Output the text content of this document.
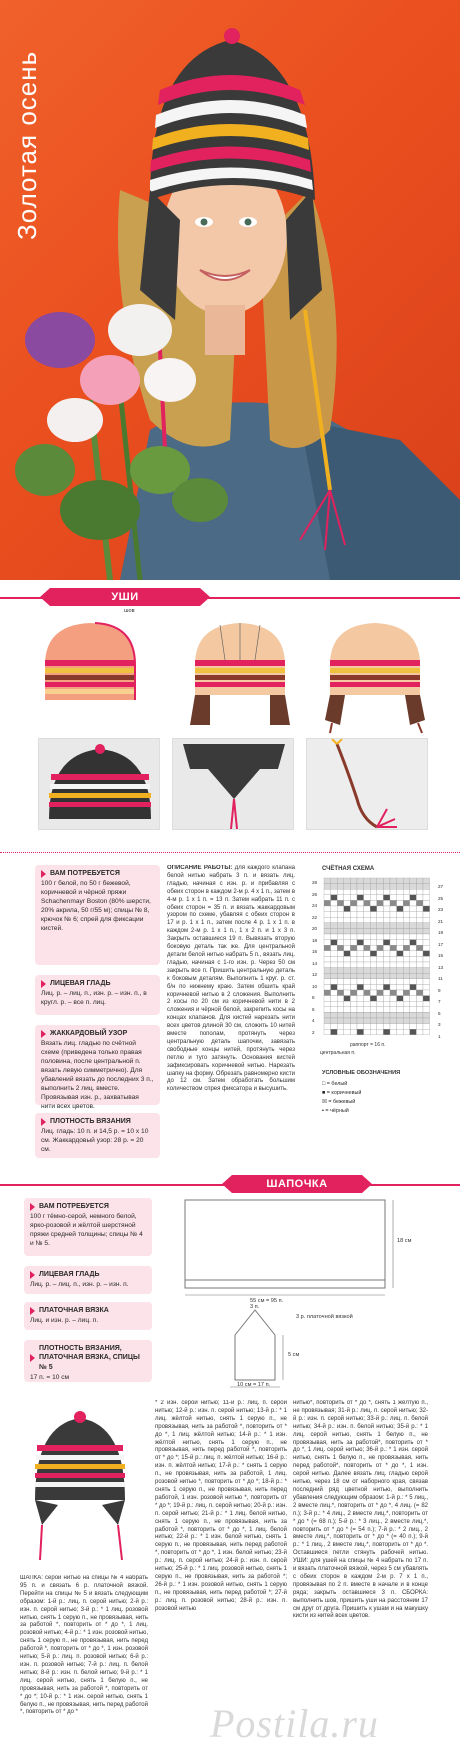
Золотая осень
УШИ
шов
ВАМ ПОТРЕБУЕТСЯ
100 г белой, по 50 г бежевой, коричневой и чёрной пряжи Schachenmayr Boston (80% шерсти, 20% акрила, 50 г/55 м); спицы № 8, крючок № 6; спрей для фиксации кистей.
ЛИЦЕВАЯ ГЛАДЬ
Лиц. р. – лиц. п., изн. р. – изн. п., в кругл. р. – все п. лиц.
ЖАККАРДОВЫЙ УЗОР
Вязать лиц. гладью по счётной схеме (приведена только правая половина, после центральной п. вязать левую симметрично). Для убавлений вязать до последних 3 п., выполнить 2 лиц. вместе. Провязывая изн. р., захватывая нити всех цветов.
ПЛОТНОСТЬ ВЯЗАНИЯ
Лиц. гладь: 10 п. и 14,5 р. = 10 х 10 см. Жаккардовый узор: 28 р. = 20 см.
ОПИСАНИЕ РАБОТЫ: для каждого клапана белой нитью набрать 3 п. и вязать лиц. гладью, начиная с изн. р. и прибавляя с обеих сторон в каждом 2-м р. 4 х 1 п., затем в 4-м р. 1 х 1 п. = 13 п. Затем набрать 11 п. с обеих сторон = 35 п. и вязать жаккардовым узором по схеме, убавляя с обеих сторон в 17 и р. 1 х 1 п., затем после 4 р. 1 х 1 п. в каждом 2-м р. 1 х 1 п., 1 х 2 п. и 1 х 3 п. Закрыть оставшиеся 19 п. Вывязать вторую боковую деталь так же. Для центральной детали белой нитью набрать 5 п., вязать лиц. гладью, начиная с 1-го изн. р. Через 50 см закрыть все п. Пришить центральную деталь к боковым деталям. Выполнить 1 круг. р. ст. б/н по нижнему краю. Затем обшить край коричневой нитью в 2 сложения. Выполнить 2 косы по 20 см из коричневой нити в 2 сложения и чёрной белой, закрепить косы на концах клапанов. Для кистей нарезать нити всех цветов длиной 30 см, сложить 10 нитей вместе пополам, протянуть через центральную деталь шапочки, завязать свободные концы нитей, протянуть через петлю и туго затянуть. Основания кистей зафиксировать коричневой нитью. Нарезать шапку на форму. Обрезать равномерно кисти до 12 см. Затем обработать большим количеством спрея фиксатора и высушить.
СЧЁТНАЯ СХЕМА
раппорт = 16 п.
центральная п.
28
26
24
22
20
18
16
14
12
10
8
6
4
2
27
25
23
21
19
17
15
13
11
9
7
5
3
1
УСЛОВНЫЕ ОБОЗНАЧЕНИЯ
□ = белый
■ = коричневый
☒ = бежевый
▪ = чёрный
ШАПОЧКА
ВАМ ПОТРЕБУЕТСЯ
100 г тёмно-серой, немного белой, ярко-розовой и жёлтой шерстяной пряжи средней толщины; спицы № 4 и № 5.
ЛИЦЕВАЯ ГЛАДЬ
Лиц. р. – лиц. п., изн. р. – изн. п.
ПЛАТОЧНАЯ ВЯЗКА
Лиц. и изн. р. – лиц. п.
ПЛОТНОСТЬ ВЯЗАНИЯ, ПЛАТОЧНАЯ ВЯЗКА, СПИЦЫ № 5
17 п. = 10 см
18 см
55 см = 95 п.
3 р. платочной вязкой
3 п.
5 см
10 см = 17 п.
ШАПКА: серой нитью на спицы № 4 набрать 95 п. и связать 6 р. платочной вязкой. Перейти на спицы № 5 и вязать следующим образом: 1-й р.: лиц. п. серой нитью; 2-й р.: изн. п. серой нитью; 3-й р.: * 1 лиц. розовой нитью, снять 1 серую п., не провязывая, нить за работой *, повторить от * до *, 1 лиц. розовой нитью; 4-й р.: * 1 изн. розовой нитью, снять 1 серую п., не провязывая, нить перед работой *, повторить от * до *, 1 изн. розовой нитью; 5-й р.: лиц. п. розовой нитью; 6-й р.: изн. п. розовой нитью; 7-й р.: лиц. п. белой нитью; 8-й р.: изн. п. белой нитью; 9-й р.: * 1 лиц. серой нитью, снять 1 белую п., не провязывая, нить за работой *, повторить от * до *; 10-й р.: * 1 изн. серой нитью, снять 1 белую п., не провязывая, нить перед работой *, повторить от * до *
* 2 изн. серой нитью; 11-й р.: лиц. п. серой нитью; 12-й р.: изн. п. серой нитью; 13-й р.: * 1 лиц. жёлтой нитью, снять 1 серую п., не провязывая, нить за работой *, повторить от * до *, 1 лиц. жёлтой нитью; 14-й р.: * 1 изн. жёлтой нитью, снять 1 серую п., не провязывая, нить перед работой *, повторить от * до *; 15-й р.: лиц. п. жёлтой нитью; 16-й р.: изн. п. жёлтой нитью; 17-й р.: * снять 1 серую п., не провязывая, нить за работой, 1 лиц. розовой нитью *, повторить от * до *; 18-й р.: * снять 1 серую п., не провязывая, нить перед работой, 1 изн. розовой нитью *, повторить от * до *; 19-й р.: лиц. п. серой нитью; 20-й р.: изн. п. серой нитью; 21-й р.: * 1 лиц. белой нитью, снять 1 серую п., не провязывая, нить за работой *, повторить от * до *, 1 лиц. белой нитью; 22-й р.: * 1 изн. белой нитью, снять 1 серую п., не провязывая, нить перед работой *, повторить от * до *, 1 изн. белой нитью; 23-й р.: лиц. п. серой нитью; 24-й р.: изн. п. серой нитью; 25-й р.: * 1 лиц. розовой нитью, снять 1 серую п., не провязывая, нить за работой *; 26-й р.: * 1 изн. розовой нитью, снять 1 серую п., не провязывая, нить перед работой *; 27-й р.: лиц. п. розовой нитью; 28-й р.: изн. п. розовой нитью
нитью*, повторить от * до *, снять 1 жёлтую п., не провязывая; 31-й р.: лиц. п. серой нитью; 32-й р.: изн. п. серой нитью; 33-й р.: лиц. п. белой нитью; 34-й р.: изн. п. белой нитью; 35-й р.: * 1 лиц. серой нитью, снять 1 белую п., не провязывая, нить за работой*, повторить от * до *, 1 лиц. серой нитью; 36-й р.: * 1 изн. серой нитью, снять 1 белую п., не провязывая, нить перед работой*, повторить от * до *, 1 изн. серой нитью. Далее вязать лиц. гладью серой нитью, через 18 см от наборного края, связав последний ряд цветной нитью, выполнить убавления следующим образом: 1-й р.: * 5 лиц., 2 вместе лиц.*, повторить от * до *, 4 лиц. (= 82 п.); 3-й р.: * 4 лиц., 2 вместе лиц.*, повторить от * до * (= 68 п.); 5-й р.: * 3 лиц., 2 вместе лиц.*, повторить от * до * (= 54 п.); 7-й р.: * 2 лиц., 2 вместе лиц.*, повторить от * до * (= 40 п.); 9-й р.: * 1 лиц., 2 вместе лиц.*, повторить от * до *. Оставшиеся петли стянуть рабочей нитью. УШИ: для ушей на спицы № 4 набрать по 17 п. и вязать платочной вязкой, через 5 см убавлять с обеих сторон в каждом 2-м р. 7 х 1 п., провязывая по 2 п. вместе в начале и в конце ряда; закрыть оставшиеся 3 п. СБОРКА: выполнить шов, пришить уши на расстоянии 17 см друг от друга. Пришить к ушам и на макушку кисти из нитей всех цветов.
Postila.ru
